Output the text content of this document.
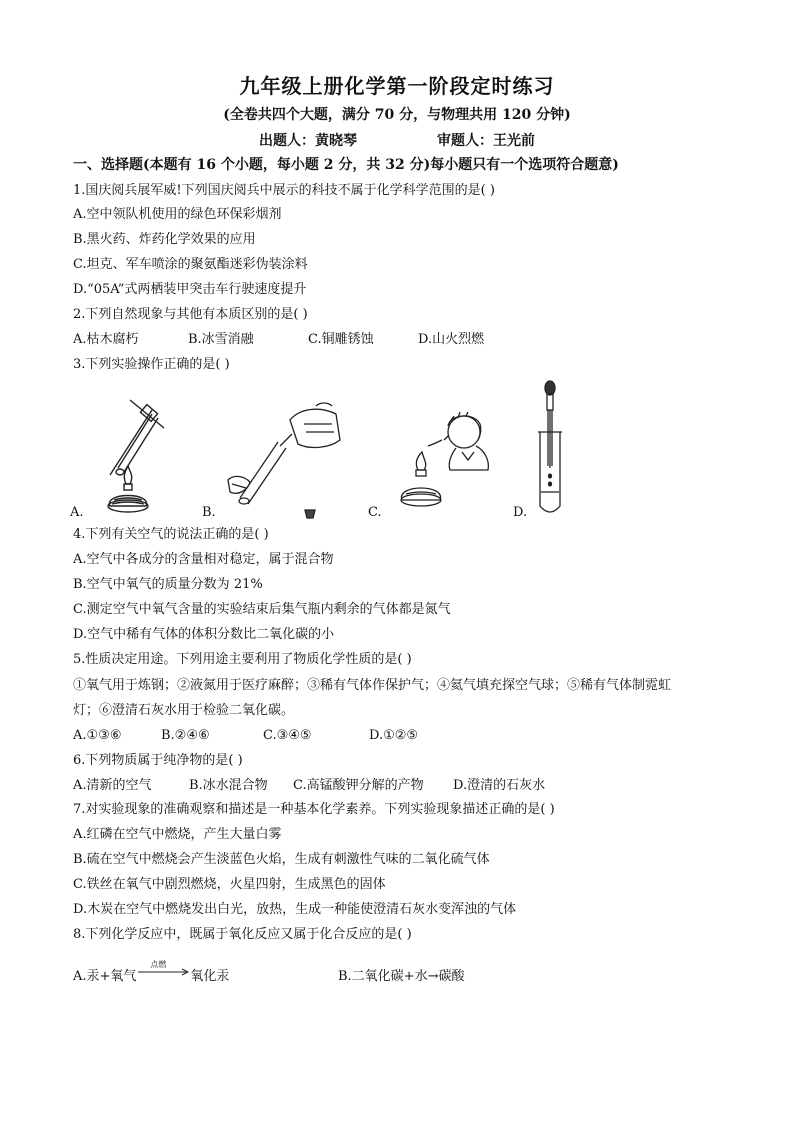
九年级上册化学第一阶段定时练习
(全卷共四个大题，满分 70 分，与物理共用 120 分钟)
出题人：黄晓琴	审题人：王光前
一、选择题(本题有 16 个小题，每小题 2 分，共 32 分)每小题只有一个选项符合题意)
1.国庆阅兵展军威!下列国庆阅兵中展示的科技不属于化学科学范围的是( )
A.空中领队机使用的绿色环保彩烟剂
B.黑火药、炸药化学效果的应用
C.坦克、军车喷涂的聚氨酯迷彩伪装涂料
D.“05A”式两栖装甲突击车行驶速度提升
2.下列自然现象与其他有本质区别的是( )
A.枯木腐朽	B.冰雪消融	C.铜雕锈蚀	D.山火烈燃
3.下列实验操作正确的是( )
A.	B.	C.	D.
4.下列有关空气的说法正确的是( )
A.空气中各成分的含量相对稳定，属于混合物
B.空气中氧气的质量分数为 21%
C.测定空气中氧气含量的实验结束后集气瓶内剩余的气体都是氮气
D.空气中稀有气体的体积分数比二氧化碳的小
5.性质决定用途。下列用途主要利用了物质化学性质的是( )
①氧气用于炼钢；②液氮用于医疗麻醉；③稀有气体作保护气；④氦气填充探空气球；⑤稀有气体制霓虹
灯；⑥澄清石灰水用于检验二氧化碳。
A.①③⑥	B.②④⑥	C.③④⑤	D.①②⑤
6.下列物质属于纯净物的是( )
A.清新的空气	B.冰水混合物 C.高锰酸钾分解的产物 D.澄清的石灰水
7.对实验现象的准确观察和描述是一种基本化学素养。下列实验现象描述正确的是( )
A.红磷在空气中燃烧，产生大量白雾
B.硫在空气中燃烧会产生淡蓝色火焰，生成有刺激性气味的二氧化硫气体
C.铁丝在氧气中剧烈燃烧，火星四射，生成黑色的固体
D.木炭在空气中燃烧发出白光，放热，生成一种能使澄清石灰水变浑浊的气体
8.下列化学反应中，既属于氧化反应又属于化合反应的是( )
A.汞+氧气
点燃
氧化汞	B.二氧化碳+水→碳酸
